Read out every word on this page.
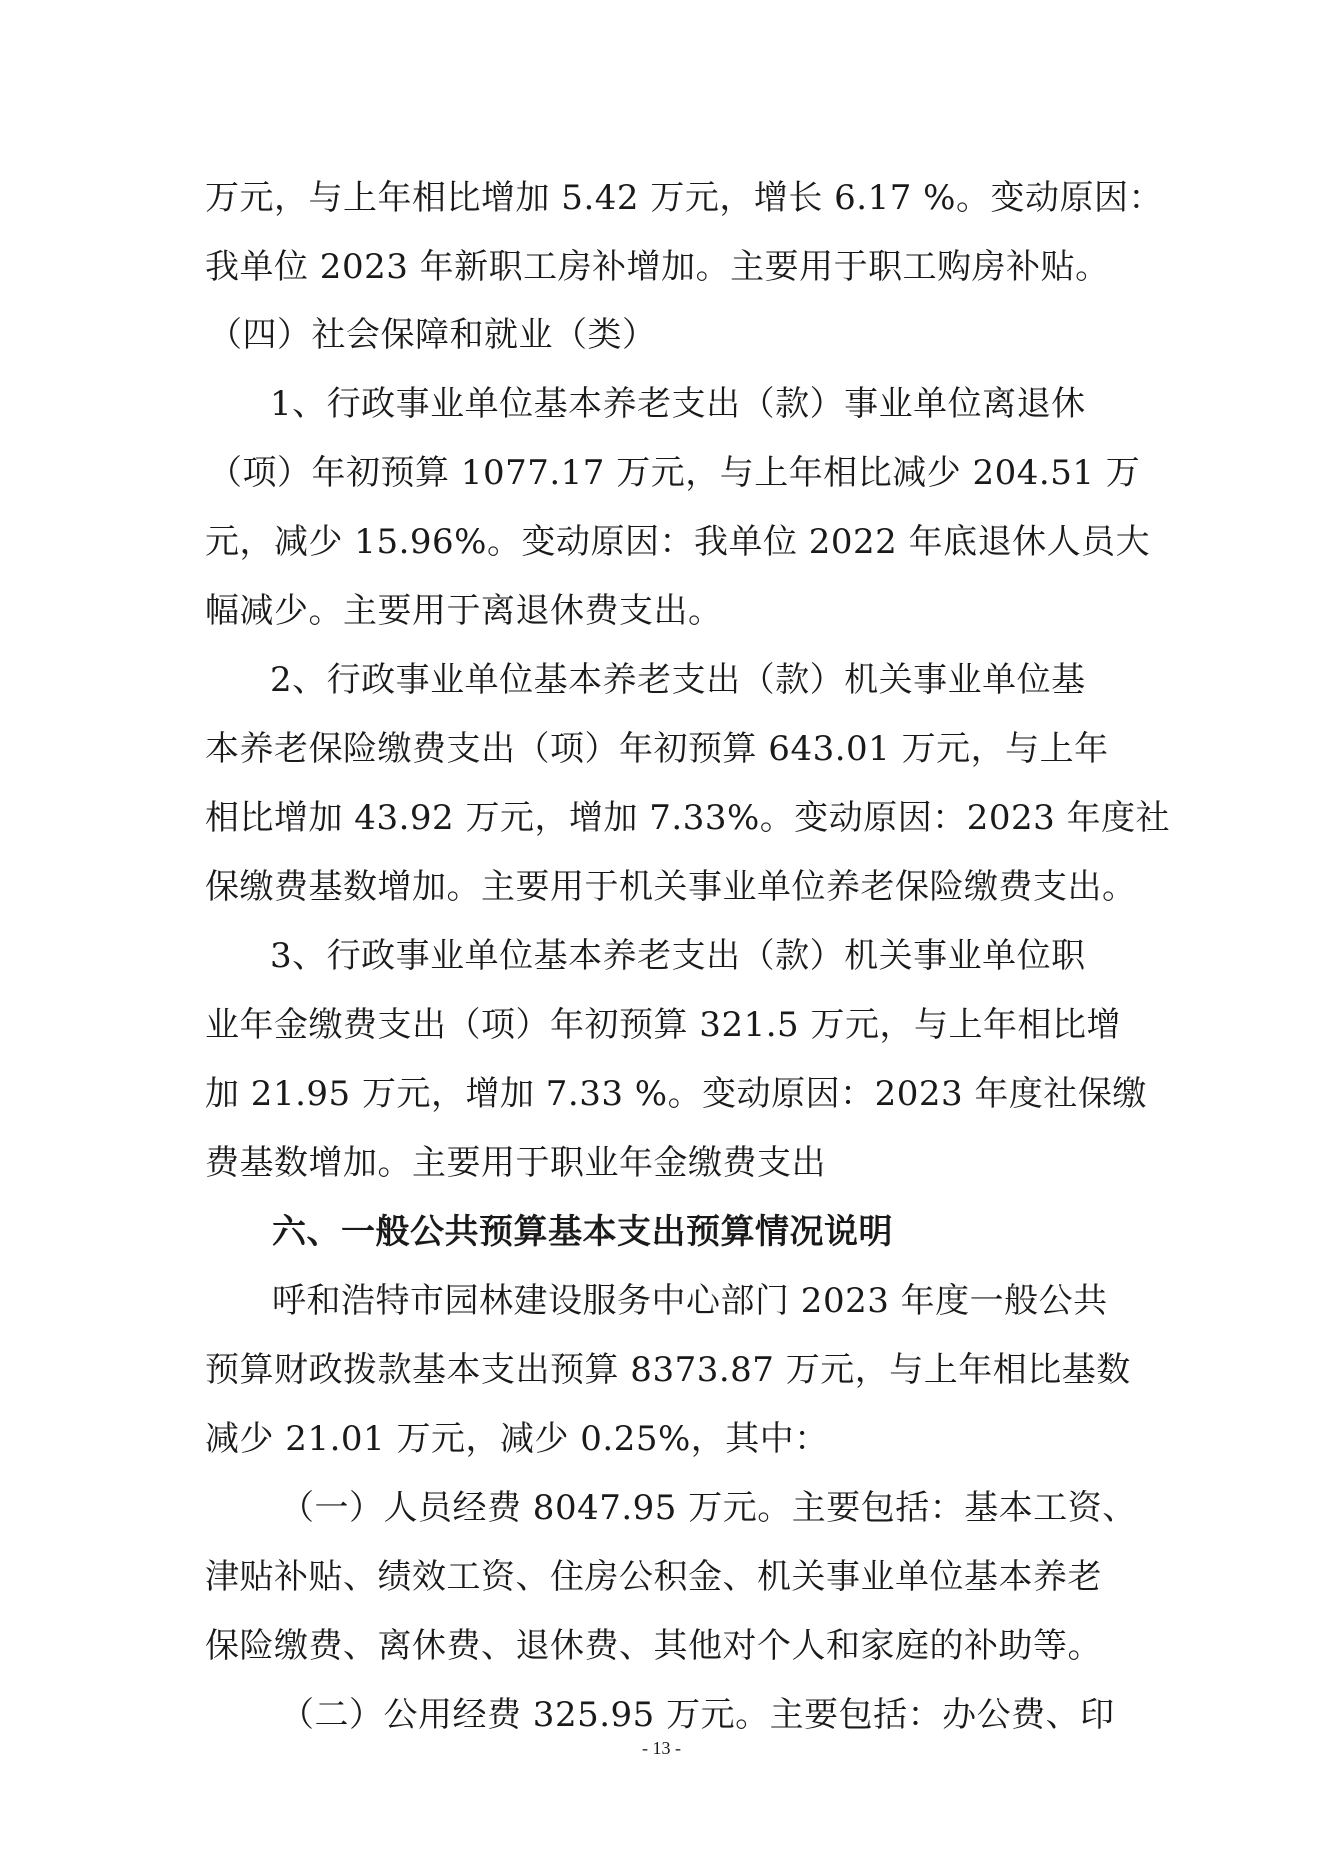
万元，与上年相比增加 5.42 万元，增长 6.17 %。变动原因：
我单位 2023 年新职工房补增加。主要用于职工购房补贴。
（四）社会保障和就业（类）
1、行政事业单位基本养老支出（款）事业单位离退休
（项）年初预算 1077.17 万元，与上年相比减少 204.51 万
元，减少 15.96%。变动原因：我单位 2022 年底退休人员大
幅减少。主要用于离退休费支出。
2、行政事业单位基本养老支出（款）机关事业单位基
本养老保险缴费支出（项）年初预算 643.01 万元，与上年
相比增加 43.92 万元，增加 7.33%。变动原因：2023 年度社
保缴费基数增加。主要用于机关事业单位养老保险缴费支出。
3、行政事业单位基本养老支出（款）机关事业单位职
业年金缴费支出（项）年初预算 321.5 万元，与上年相比增
加 21.95 万元，增加 7.33 %。变动原因：2023 年度社保缴
费基数增加。主要用于职业年金缴费支出
六、一般公共预算基本支出预算情况说明
呼和浩特市园林建设服务中心部门 2023 年度一般公共
预算财政拨款基本支出预算 8373.87 万元，与上年相比基数
减少 21.01 万元，减少 0.25%，其中：
（一）人员经费 8047.95 万元。主要包括：基本工资、
津贴补贴、绩效工资、住房公积金、机关事业单位基本养老
保险缴费、离休费、退休费、其他对个人和家庭的补助等。
（二）公用经费 325.95 万元。主要包括：办公费、印
- 13 -
